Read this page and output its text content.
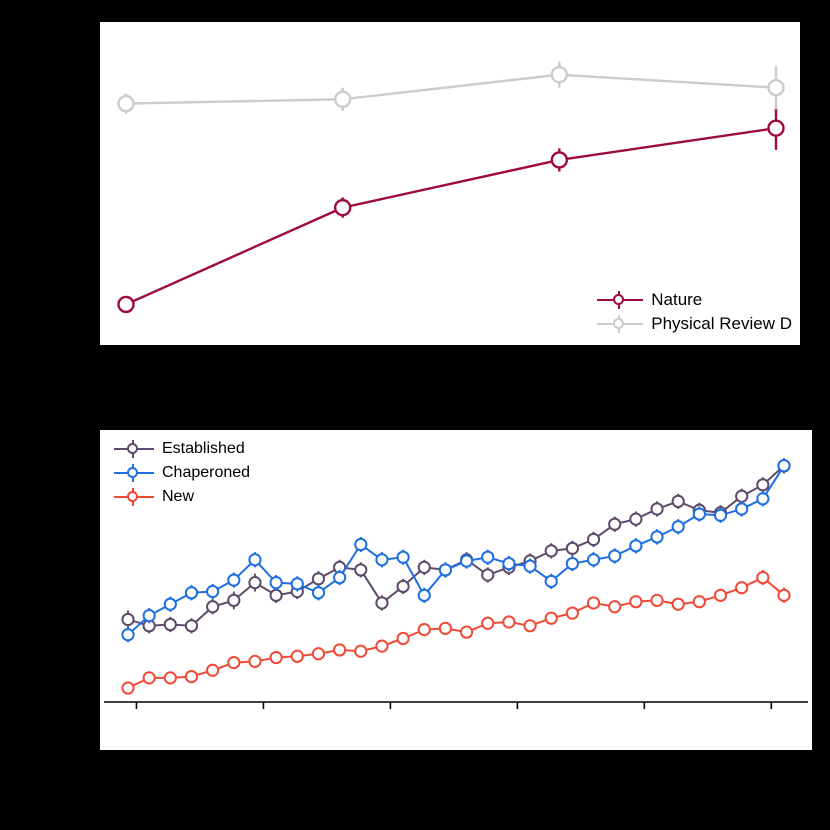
Nature
Physical Review D
Established
Chaperoned
New
